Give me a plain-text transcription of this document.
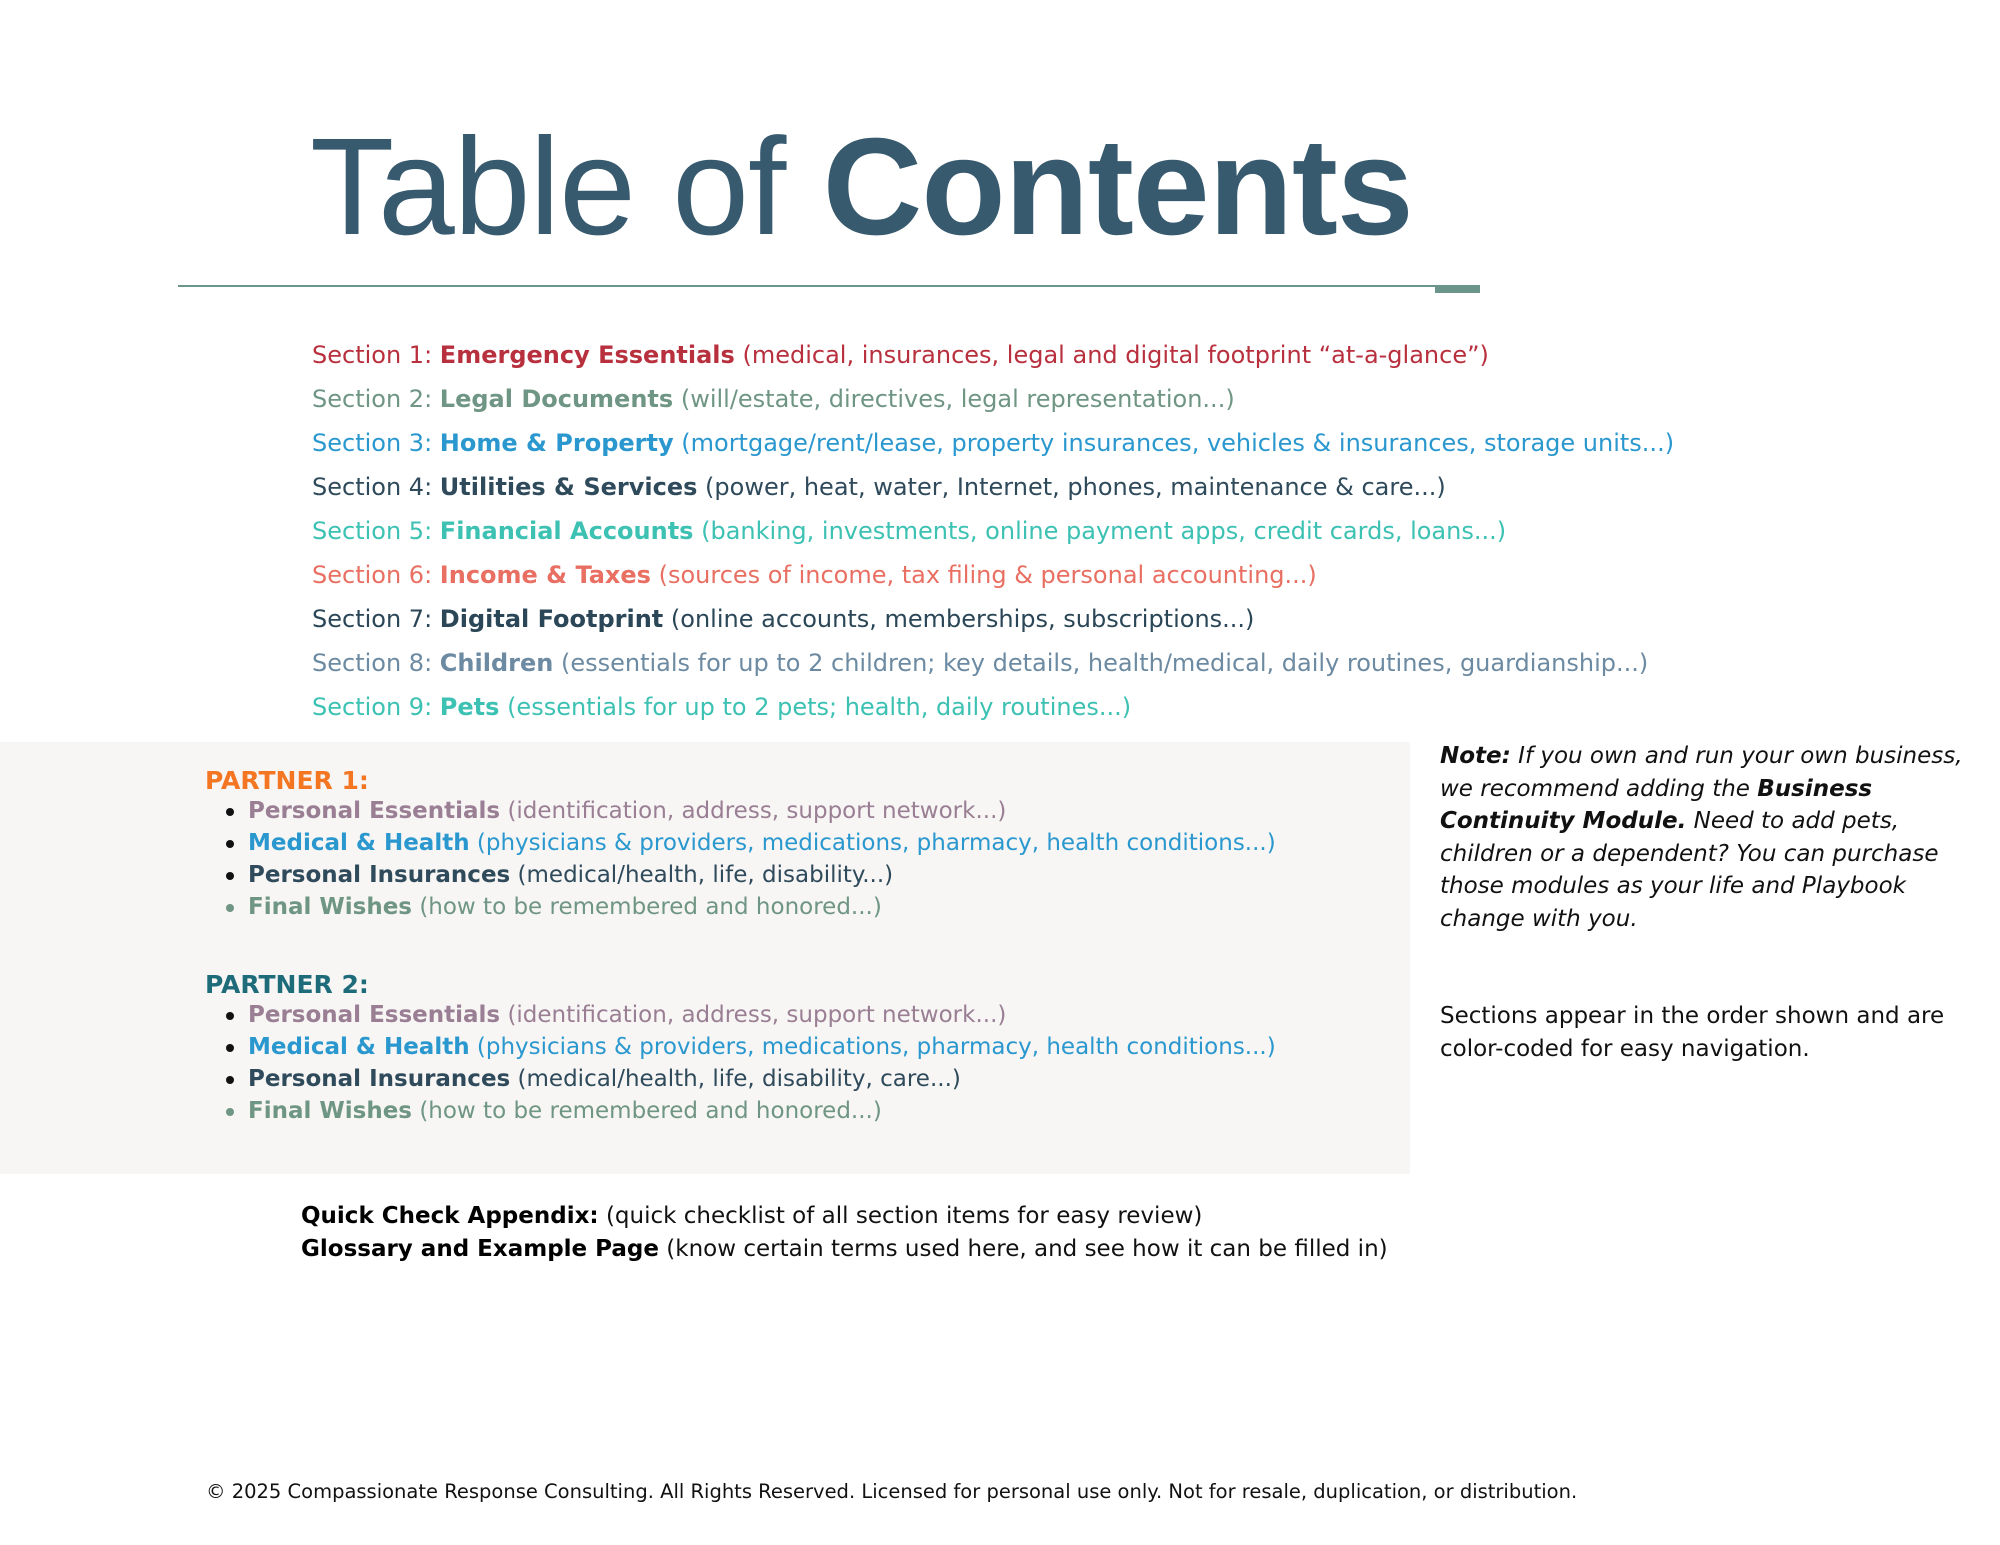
Table of Contents
Section 1: Emergency Essentials (medical, insurances, legal and digital footprint “at-a-glance”)
Section 2: Legal Documents (will/estate, directives, legal representation...)
Section 3: Home & Property (mortgage/rent/lease, property insurances, vehicles & insurances, storage units...)
Section 4: Utilities & Services (power, heat, water, Internet, phones, maintenance & care...)
Section 5: Financial Accounts (banking, investments, online payment apps, credit cards, loans...)
Section 6: Income & Taxes (sources of income, tax filing & personal accounting...)
Section 7: Digital Footprint (online accounts, memberships, subscriptions...)
Section 8: Children (essentials for up to 2 children; key details, health/medical, daily routines, guardianship...)
Section 9: Pets (essentials for up to 2 pets; health, daily routines...)
PARTNER 1:
Personal Essentials (identification, address, support network...)
Medical & Health (physicians & providers, medications, pharmacy, health conditions...)
Personal Insurances (medical/health, life, disability...)
Final Wishes (how to be remembered and honored...)
PARTNER 2:
Personal Essentials (identification, address, support network...)
Medical & Health (physicians & providers, medications, pharmacy, health conditions...)
Personal Insurances (medical/health, life, disability, care...)
Final Wishes (how to be remembered and honored...)

Note: If you own and run your own business, we recommend adding the Business Continuity Module. Need to add pets, children or a dependent? You can purchase those modules as your life and Playbook change with you.

Sections appear in the order shown and are color-coded for easy navigation.

Quick Check Appendix: (quick checklist of all section items for easy review)
Glossary and Example Page (know certain terms used here, and see how it can be filled in)

© 2025 Compassionate Response Consulting. All Rights Reserved. Licensed for personal use only. Not for resale, duplication, or distribution.
